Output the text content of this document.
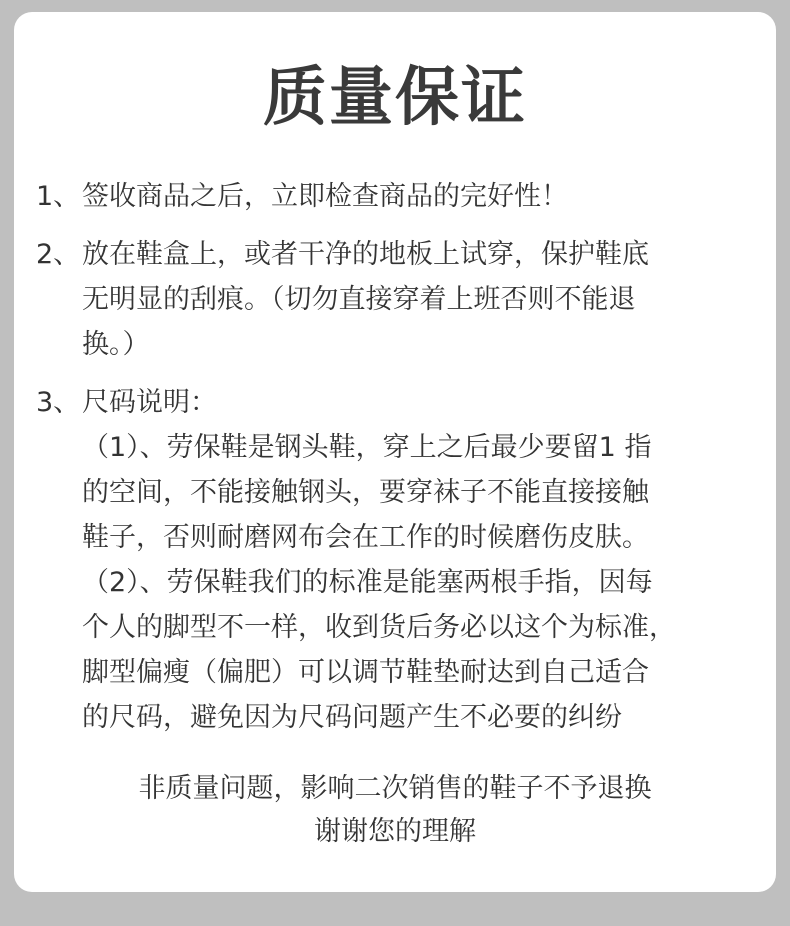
质量保证
1、 签收商品之后，立即检查商品的完好性！
2、 放在鞋盒上，或者干净的地板上试穿，保护鞋底
无明显的刮痕。（切勿直接穿着上班否则不能退
换。）
3、 尺码说明：
（1）、劳保鞋是钢头鞋，穿上之后最少要留1 指
的空间，不能接触钢头，要穿袜子不能直接接触
鞋子，否则耐磨网布会在工作的时候磨伤皮肤。
（2）、劳保鞋我们的标准是能塞两根手指，因每
个人的脚型不一样，收到货后务必以这个为标准，
脚型偏瘦（偏肥）可以调节鞋垫耐达到自己适合
的尺码，避免因为尺码问题产生不必要的纠纷
非质量问题，影响二次销售的鞋子不予退换
谢谢您的理解
